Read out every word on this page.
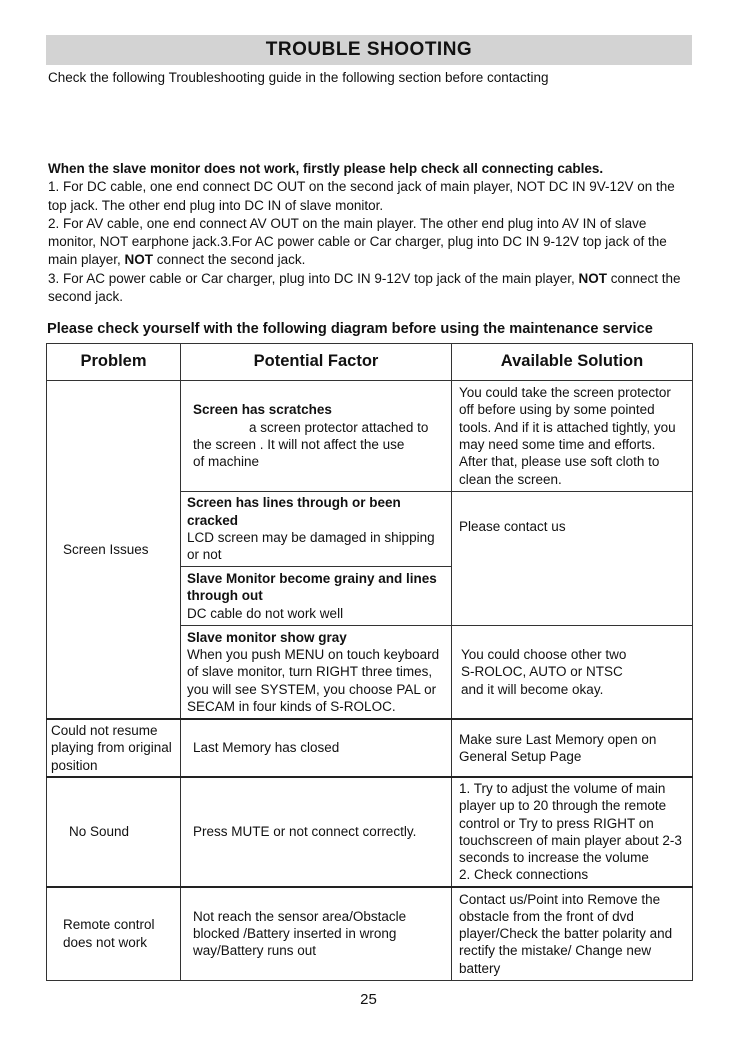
TROUBLE SHOOTING
Check the following Troubleshooting guide in the following section before contacting

When the slave monitor does not work, firstly please help check all connecting cables.

1. For DC cable, one end connect DC OUT on the second jack of main player, NOT DC IN 9V-12V on the top jack. The other end plug into DC IN of slave monitor.

2. For AV cable, one end connect AV OUT on the main player. The other end plug into AV IN of slave monitor, NOT earphone jack.3.For AC power cable or Car charger, plug into DC IN 9-12V top jack of the main player, NOT connect the second jack.

3. For AC power cable or Car charger, plug into DC IN 9-12V top jack of the main player, NOT connect the second jack.

Please check yourself with the following diagram before using the maintenance service
Problem	Potential Factor	Available Solution
Screen Issues	Screen has scratches
a screen protector attached to
the screen . It will not affect the use
of machine	You could take the screen protector off before using by some pointed tools. And if it is attached tightly, you may need some time and efforts. After that, please use soft cloth to clean the screen.

	Screen has lines through or been cracked
LCD screen may be damaged in shipping or not	Please contact us

	Slave Monitor become grainy and lines through out
DC cable do not work well	

	Slave monitor show gray
When you push MENU on touch keyboard of slave monitor, turn RIGHT three times, you will see SYSTEM, you choose PAL or SECAM in four kinds of S-ROLOC.	You could choose other two S-ROLOC, AUTO or NTSC and it will become okay.
Could not resume playing from original position	Last Memory has closed	Make sure Last Memory open on General Setup Page
No Sound	Press MUTE or not connect correctly.	1. Try to adjust the volume of main player up to 20 through the remote control or Try to press RIGHT on touchscreen of main player about 2-3 seconds to increase the volume
2. Check connections

Remote control does not work	Not reach the sensor area/Obstacle blocked /Battery inserted in wrong way/Battery runs out	Contact us/Point into Remove the obstacle from the front of dvd player/Check the batter polarity and rectify the mistake/ Change new battery
25
